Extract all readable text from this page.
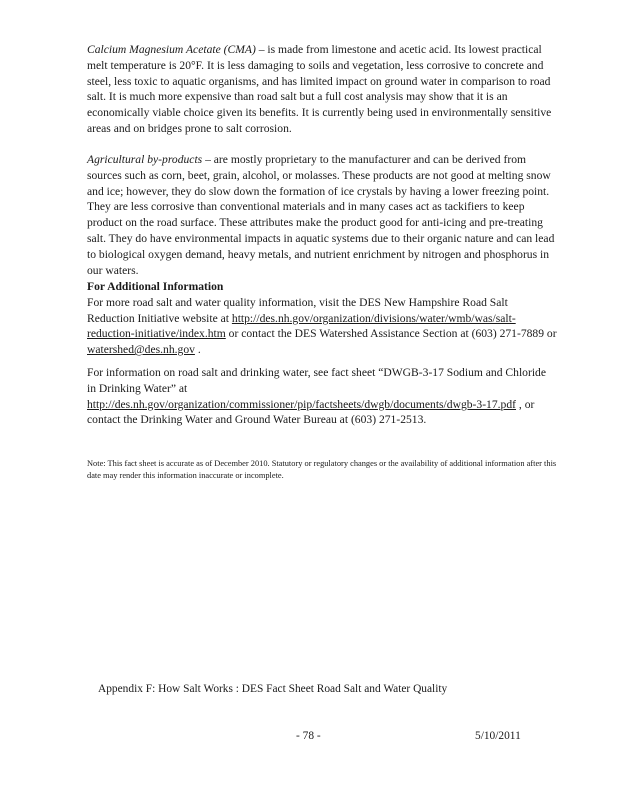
Calcium Magnesium Acetate (CMA) – is made from limestone and acetic acid. Its lowest practical melt temperature is 20°F. It is less damaging to soils and vegetation, less corrosive to concrete and steel, less toxic to aquatic organisms, and has limited impact on ground water in comparison to road salt. It is much more expensive than road salt but a full cost analysis may show that it is an economically viable choice given its benefits. It is currently being used in environmentally sensitive areas and on bridges prone to salt corrosion.

Agricultural by-products – are mostly proprietary to the manufacturer and can be derived from sources such as corn, beet, grain, alcohol, or molasses. These products are not good at melting snow and ice; however, they do slow down the formation of ice crystals by having a lower freezing point. They are less corrosive than conventional materials and in many cases act as tackifiers to keep product on the road surface. These attributes make the product good for anti-icing and pre-treating salt. They do have environmental impacts in aquatic systems due to their organic nature and can lead to biological oxygen demand, heavy metals, and nutrient enrichment by nitrogen and phosphorus in our waters.

For Additional Information
For more road salt and water quality information, visit the DES New Hampshire Road Salt Reduction Initiative website at http://des.nh.gov/organization/divisions/water/wmb/was/salt-reduction-initiative/index.htm or contact the DES Watershed Assistance Section at (603) 271-7889 or watershed@des.nh.gov .

For information on road salt and drinking water, see fact sheet “DWGB-3-17 Sodium and Chloride in Drinking Water” at http://des.nh.gov/organization/commissioner/pip/factsheets/dwgb/documents/dwgb-3-17.pdf , or contact the Drinking Water and Ground Water Bureau at (603) 271-2513.

Note: This fact sheet is accurate as of December 2010. Statutory or regulatory changes or the availability of additional information after this date may render this information inaccurate or incomplete.

Appendix F: How Salt Works : DES Fact Sheet Road Salt and Water Quality
- 78 -	5/10/2011
